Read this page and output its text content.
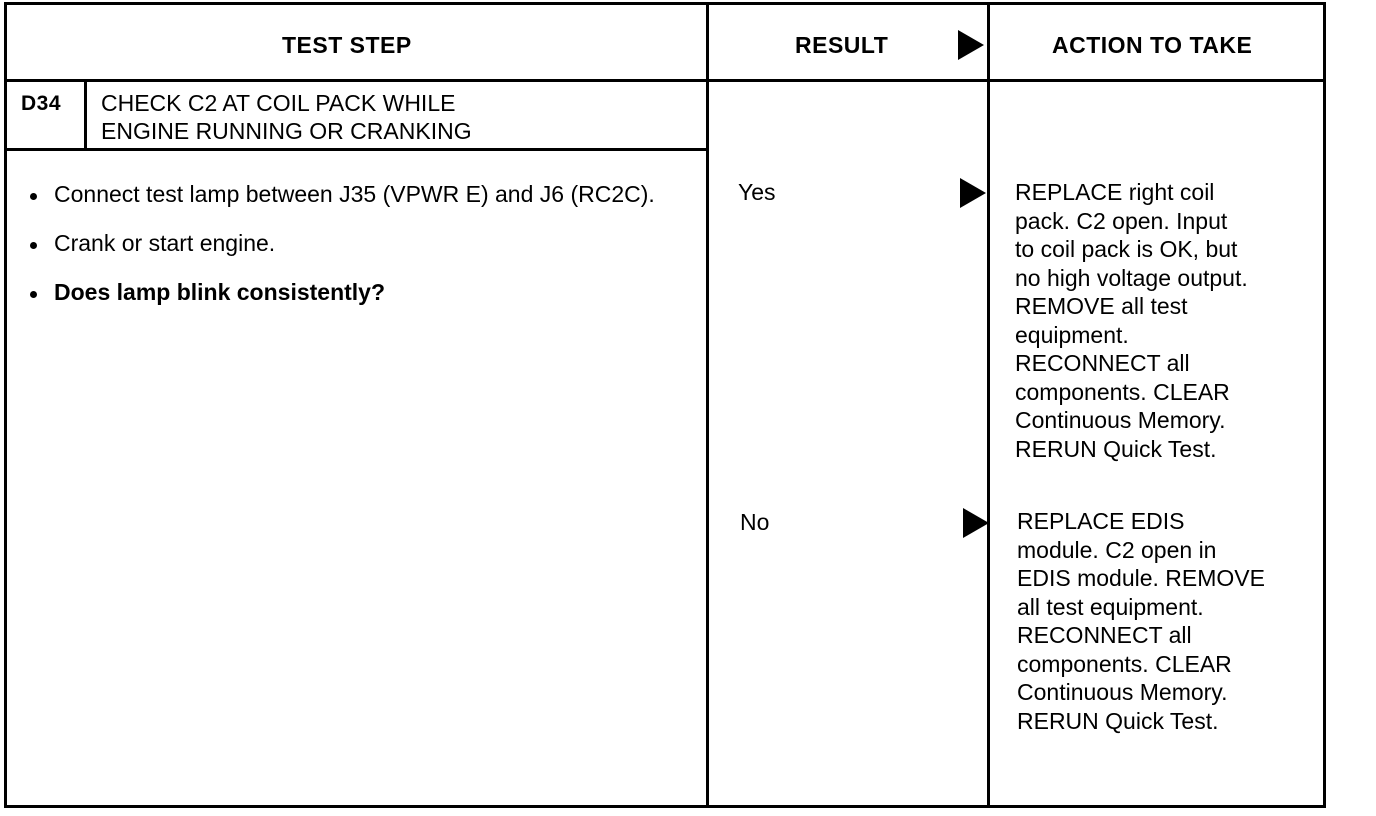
TEST STEP	RESULT	ACTION TO TAKE
D34 CHECK C2 AT COIL PACK WHILE
ENGINE RUNNING OR CRANKING
Connect test lamp between J35 (VPWR E) and J6 (RC2C).
Crank or start engine.
Does lamp blink consistently?
Yes
No
REPLACE right coil
pack. C2 open. Input
to coil pack is OK, but
no high voltage output.
REMOVE all test
equipment.
RECONNECT all
components. CLEAR
Continuous Memory.
RERUN Quick Test.
REPLACE EDIS
module. C2 open in
EDIS module. REMOVE
all test equipment.
RECONNECT all
components. CLEAR
Continuous Memory.
RERUN Quick Test.
